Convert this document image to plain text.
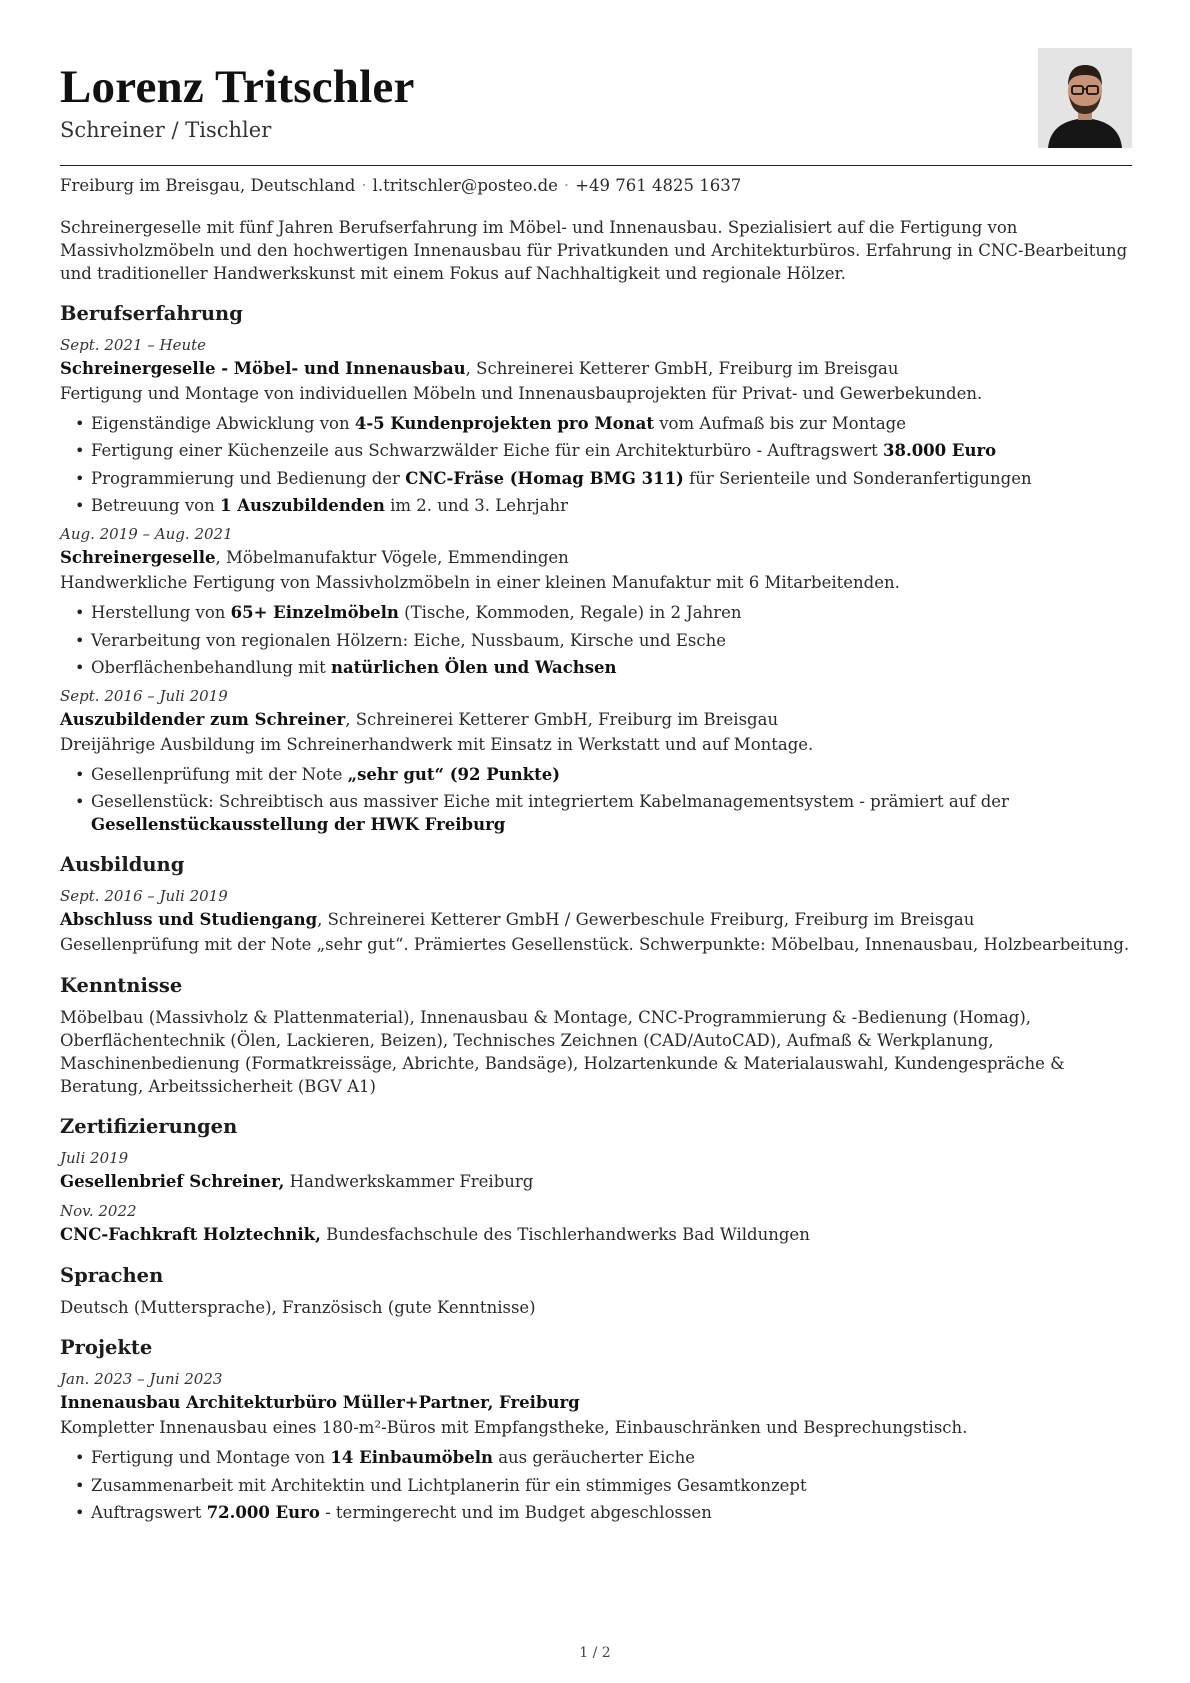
Lorenz Tritschler
Schreiner / Tischler
Freiburg im Breisgau, Deutschland · l.tritschler@posteo.de · +49 761 4825 1637

Schreinergeselle mit fünf Jahren Berufserfahrung im Möbel- und Innenausbau. Spezialisiert auf die Fertigung von Massivholzmöbeln und den hochwertigen Innenausbau für Privatkunden und Architekturbüros. Erfahrung in CNC-Bearbeitung und traditioneller Handwerkskunst mit einem Fokus auf Nachhaltigkeit und regionale Hölzer.

Berufserfahrung
Sept. 2021 – Heute
Schreinergeselle - Möbel- und Innenausbau, Schreinerei Ketterer GmbH, Freiburg im Breisgau
Fertigung und Montage von individuellen Möbeln und Innenausbauprojekten für Privat- und Gewerbekunden.
• Eigenständige Abwicklung von 4-5 Kundenprojekten pro Monat vom Aufmaß bis zur Montage
• Fertigung einer Küchenzeile aus Schwarzwälder Eiche für ein Architekturbüro - Auftragswert 38.000 Euro
• Programmierung und Bedienung der CNC-Fräse (Homag BMG 311) für Serienteile und Sonderanfertigungen
• Betreuung von 1 Auszubildenden im 2. und 3. Lehrjahr
Aug. 2019 – Aug. 2021
Schreinergeselle, Möbelmanufaktur Vögele, Emmendingen
Handwerkliche Fertigung von Massivholzmöbeln in einer kleinen Manufaktur mit 6 Mitarbeitenden.
• Herstellung von 65+ Einzelmöbeln (Tische, Kommoden, Regale) in 2 Jahren
• Verarbeitung von regionalen Hölzern: Eiche, Nussbaum, Kirsche und Esche
• Oberflächenbehandlung mit natürlichen Ölen und Wachsen
Sept. 2016 – Juli 2019
Auszubildender zum Schreiner, Schreinerei Ketterer GmbH, Freiburg im Breisgau
Dreijährige Ausbildung im Schreinerhandwerk mit Einsatz in Werkstatt und auf Montage.
• Gesellenprüfung mit der Note „sehr gut“ (92 Punkte)
• Gesellenstück: Schreibtisch aus massiver Eiche mit integriertem Kabelmanagementsystem - prämiert auf der Gesellenstückausstellung der HWK Freiburg
Ausbildung
Sept. 2016 – Juli 2019
Abschluss und Studiengang, Schreinerei Ketterer GmbH / Gewerbeschule Freiburg, Freiburg im Breisgau
Gesellenprüfung mit der Note „sehr gut“. Prämiertes Gesellenstück. Schwerpunkte: Möbelbau, Innenausbau, Holzbearbeitung.
Kenntnisse

Möbelbau (Massivholz & Plattenmaterial), Innenausbau & Montage, CNC-Programmierung & -Bedienung (Homag), Oberflächentechnik (Ölen, Lackieren, Beizen), Technisches Zeichnen (CAD/AutoCAD), Aufmaß & Werkplanung, Maschinenbedienung (Formatkreissäge, Abrichte, Bandsäge), Holzartenkunde & Materialauswahl, Kundengespräche & Beratung, Arbeitssicherheit (BGV A1)

Zertifizierungen
Juli 2019
Gesellenbrief Schreiner, Handwerkskammer Freiburg
Nov. 2022
CNC-Fachkraft Holztechnik, Bundesfachschule des Tischlerhandwerks Bad Wildungen
Sprachen

Deutsch (Muttersprache), Französisch (gute Kenntnisse)

Projekte
Jan. 2023 – Juni 2023
Innenausbau Architekturbüro Müller+Partner, Freiburg
Kompletter Innenausbau eines 180-m²-Büros mit Empfangstheke, Einbauschränken und Besprechungstisch.
• Fertigung und Montage von 14 Einbaumöbeln aus geräucherter Eiche
• Zusammenarbeit mit Architektin und Lichtplanerin für ein stimmiges Gesamtkonzept
• Auftragswert 72.000 Euro - termingerecht und im Budget abgeschlossen
1 / 2
